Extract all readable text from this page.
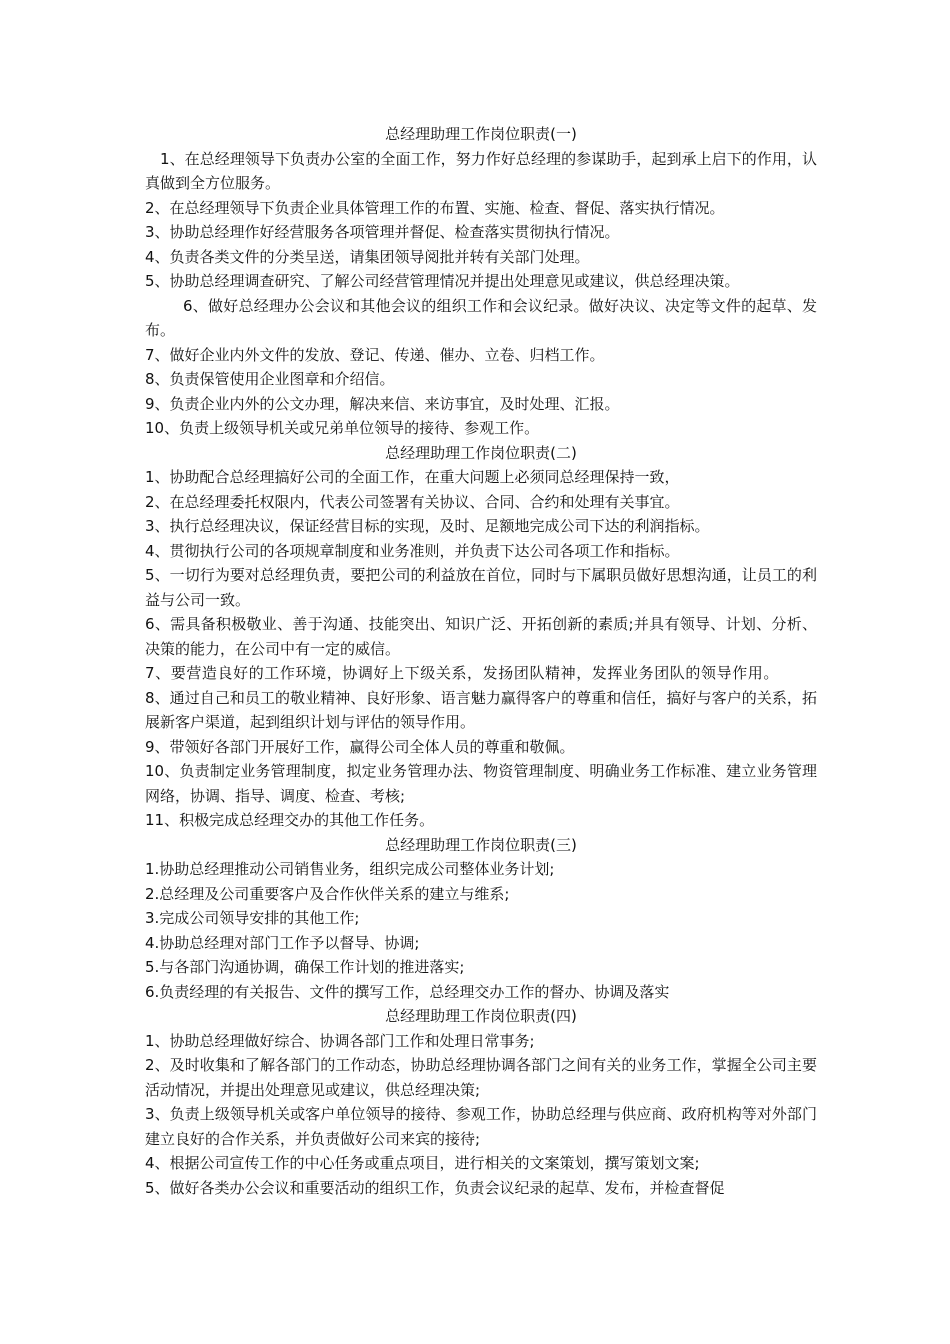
总经理助理工作岗位职责(一)
1、在总经理领导下负责办公室的全面工作，努力作好总经理的参谋助手，起到承上启下的作用，认真做到全方位服务。
2、在总经理领导下负责企业具体管理工作的布置、实施、检查、督促、落实执行情况。
3、协助总经理作好经营服务各项管理并督促、检查落实贯彻执行情况。
4、负责各类文件的分类呈送，请集团领导阅批并转有关部门处理。
5、协助总经理调查研究、了解公司经营管理情况并提出处理意见或建议，供总经理决策。
6、做好总经理办公会议和其他会议的组织工作和会议纪录。做好决议、决定等文件的起草、发布。
7、做好企业内外文件的发放、登记、传递、催办、立卷、归档工作。
8、负责保管使用企业图章和介绍信。
9、负责企业内外的公文办理，解决来信、来访事宜，及时处理、汇报。
10、负责上级领导机关或兄弟单位领导的接待、参观工作。
总经理助理工作岗位职责(二)
1、协助配合总经理搞好公司的全面工作，在重大问题上必须同总经理保持一致，
2、在总经理委托权限内，代表公司签署有关协议、合同、合约和处理有关事宜。
3、执行总经理决议，保证经营目标的实现，及时、足额地完成公司下达的利润指标。
4、贯彻执行公司的各项规章制度和业务准则，并负责下达公司各项工作和指标。
5、一切行为要对总经理负责，要把公司的利益放在首位，同时与下属职员做好思想沟通，让员工的利益与公司一致。
6、需具备积极敬业、善于沟通、技能突出、知识广泛、开拓创新的素质;并具有领导、计划、分析、决策的能力，在公司中有一定的威信。
7、要营造良好的工作环境，协调好上下级关系，发扬团队精神，发挥业务团队的领导作用。8、通过自己和员工的敬业精神、良好形象、语言魅力赢得客户的尊重和信任，搞好与客户的关系，拓展新客户渠道，起到组织计划与评估的领导作用。
9、带领好各部门开展好工作，赢得公司全体人员的尊重和敬佩。
10、负责制定业务管理制度，拟定业务管理办法、物资管理制度、明确业务工作标准、建立业务管理网络，协调、指导、调度、检查、考核;
11、积极完成总经理交办的其他工作任务。
总经理助理工作岗位职责(三)
1.协助总经理推动公司销售业务，组织完成公司整体业务计划;
2.总经理及公司重要客户及合作伙伴关系的建立与维系;
3.完成公司领导安排的其他工作;
4.协助总经理对部门工作予以督导、协调;
5.与各部门沟通协调，确保工作计划的推进落实;
6.负责经理的有关报告、文件的撰写工作，总经理交办工作的督办、协调及落实
总经理助理工作岗位职责(四)
1、协助总经理做好综合、协调各部门工作和处理日常事务;
2、及时收集和了解各部门的工作动态，协助总经理协调各部门之间有关的业务工作，掌握全公司主要活动情况，并提出处理意见或建议，供总经理决策;
3、负责上级领导机关或客户单位领导的接待、参观工作，协助总经理与供应商、政府机构等对外部门建立良好的合作关系，并负责做好公司来宾的接待;
4、根据公司宣传工作的中心任务或重点项目，进行相关的文案策划，撰写策划文案;
5、做好各类办公会议和重要活动的组织工作，负责会议纪录的起草、发布，并检查督促
